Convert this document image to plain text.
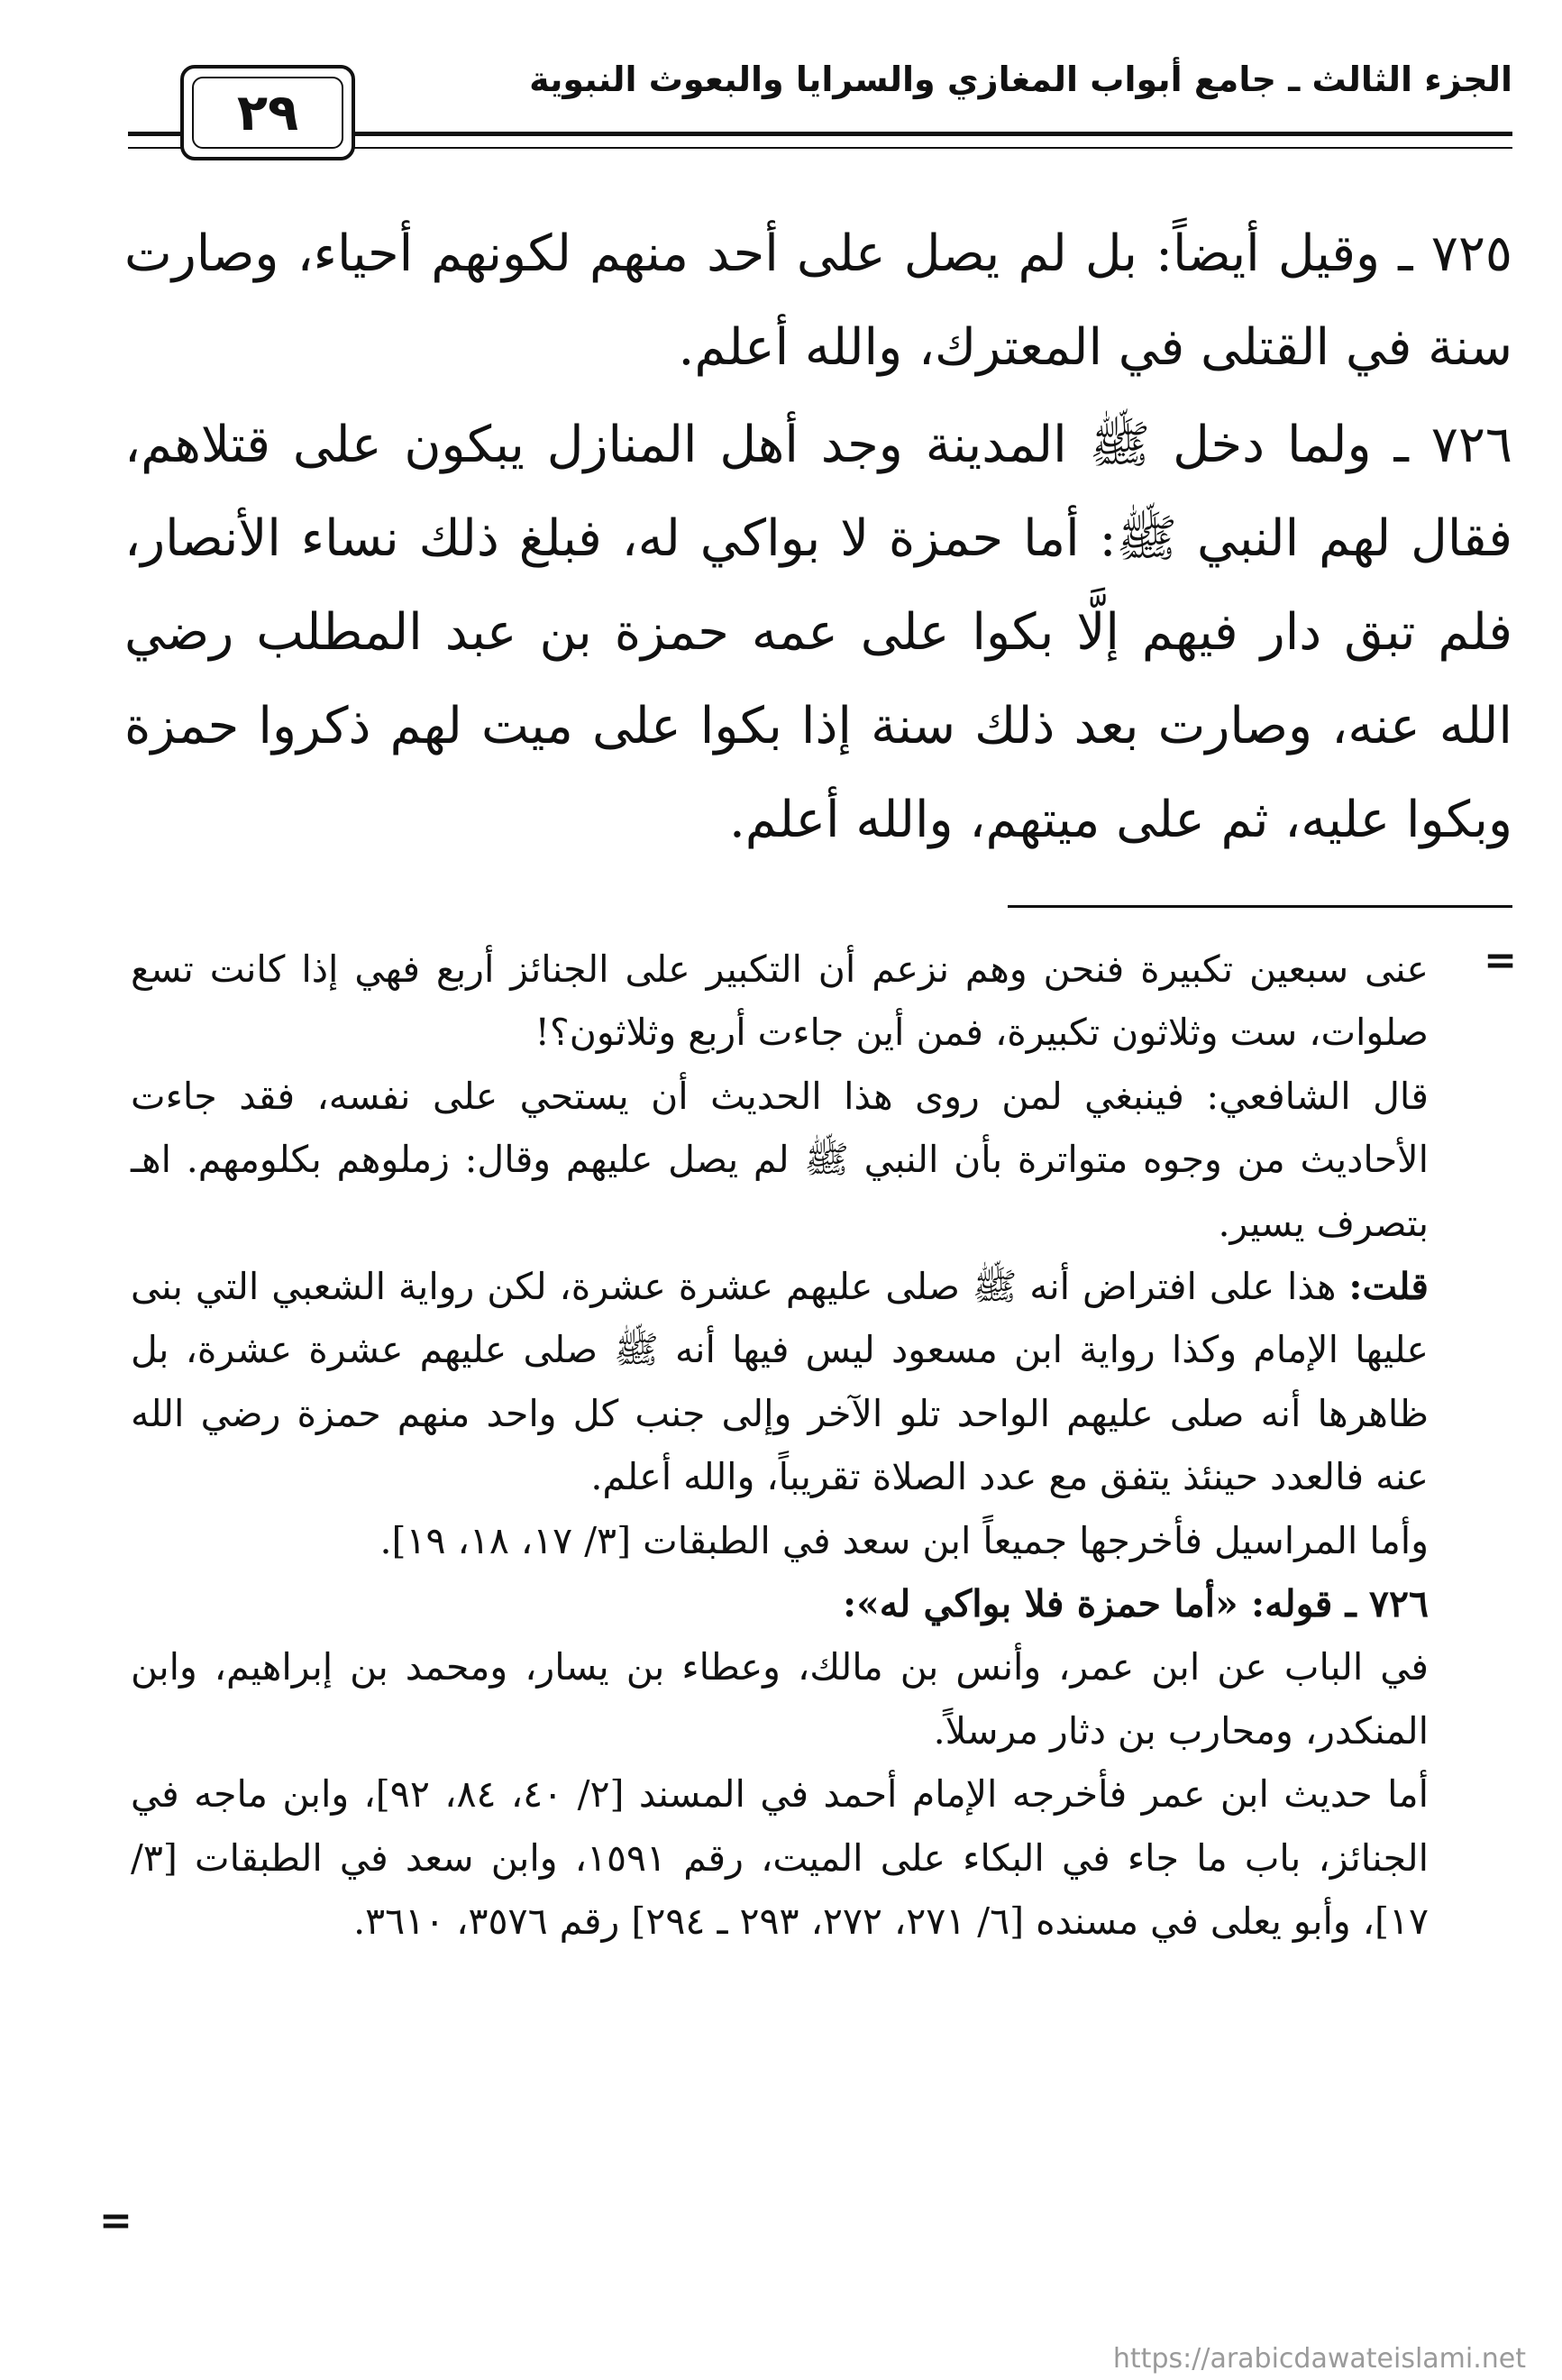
الجزء الثالث ـ جامع أبواب المغازي والسرايا والبعوث النبوية
٢٩

٧٢٥ ـ وقيل أيضاً: بل لم يصل على أحد منهم لكونهم أحياء، وصارت سنة في القتلى في المعترك، والله أعلم.

٧٢٦ ـ ولما دخل ﷺ المدينة وجد أهل المنازل يبكون على قتلاهم، فقال لهم النبي ﷺ: أما حمزة لا بواكي له، فبلغ ذلك نساء الأنصار، فلم تبق دار فيهم إلَّا بكوا على عمه حمزة بن عبد المطلب رضي الله عنه، وصارت بعد ذلك سنة إذا بكوا على ميت لهم ذكروا حمزة وبكوا عليه، ثم على ميتهم، والله أعلم.

=

عنى سبعين تكبيرة فنحن وهم نزعم أن التكبير على الجنائز أربع فهي إذا كانت تسع صلوات، ست وثلاثون تكبيرة، فمن أين جاءت أربع وثلاثون؟!

قال الشافعي: فينبغي لمن روى هذا الحديث أن يستحي على نفسه، فقد جاءت الأحاديث من وجوه متواترة بأن النبي ﷺ لم يصل عليهم وقال: زملوهم بكلومهم. اهـ بتصرف يسير.

قلت: هذا على افتراض أنه ﷺ صلى عليهم عشرة عشرة، لكن رواية الشعبي التي بنى عليها الإمام وكذا رواية ابن مسعود ليس فيها أنه ﷺ صلى عليهم عشرة عشرة، بل ظاهرها أنه صلى عليهم الواحد تلو الآخر وإلى جنب كل واحد منهم حمزة رضي الله عنه فالعدد حينئذ يتفق مع عدد الصلاة تقريباً، والله أعلم.

وأما المراسيل فأخرجها جميعاً ابن سعد في الطبقات [٣/ ١٧، ١٨، ١٩].

٧٢٦ ـ قوله: «أما حمزة فلا بواكي له»:

في الباب عن ابن عمر، وأنس بن مالك، وعطاء بن يسار، ومحمد بن إبراهيم، وابن المنكدر، ومحارب بن دثار مرسلاً.

أما حديث ابن عمر فأخرجه الإمام أحمد في المسند [٢/ ٤٠، ٨٤، ٩٢]، وابن ماجه في الجنائز، باب ما جاء في البكاء على الميت، رقم ١٥٩١، وابن سعد في الطبقات [٣/ ١٧]، وأبو يعلى في مسنده [٦/ ٢٧١، ٢٧٢، ٢٩٣ ـ ٢٩٤] رقم ٣٥٧٦، ٣٦١٠.

=
https://arabicdawateislami.net
